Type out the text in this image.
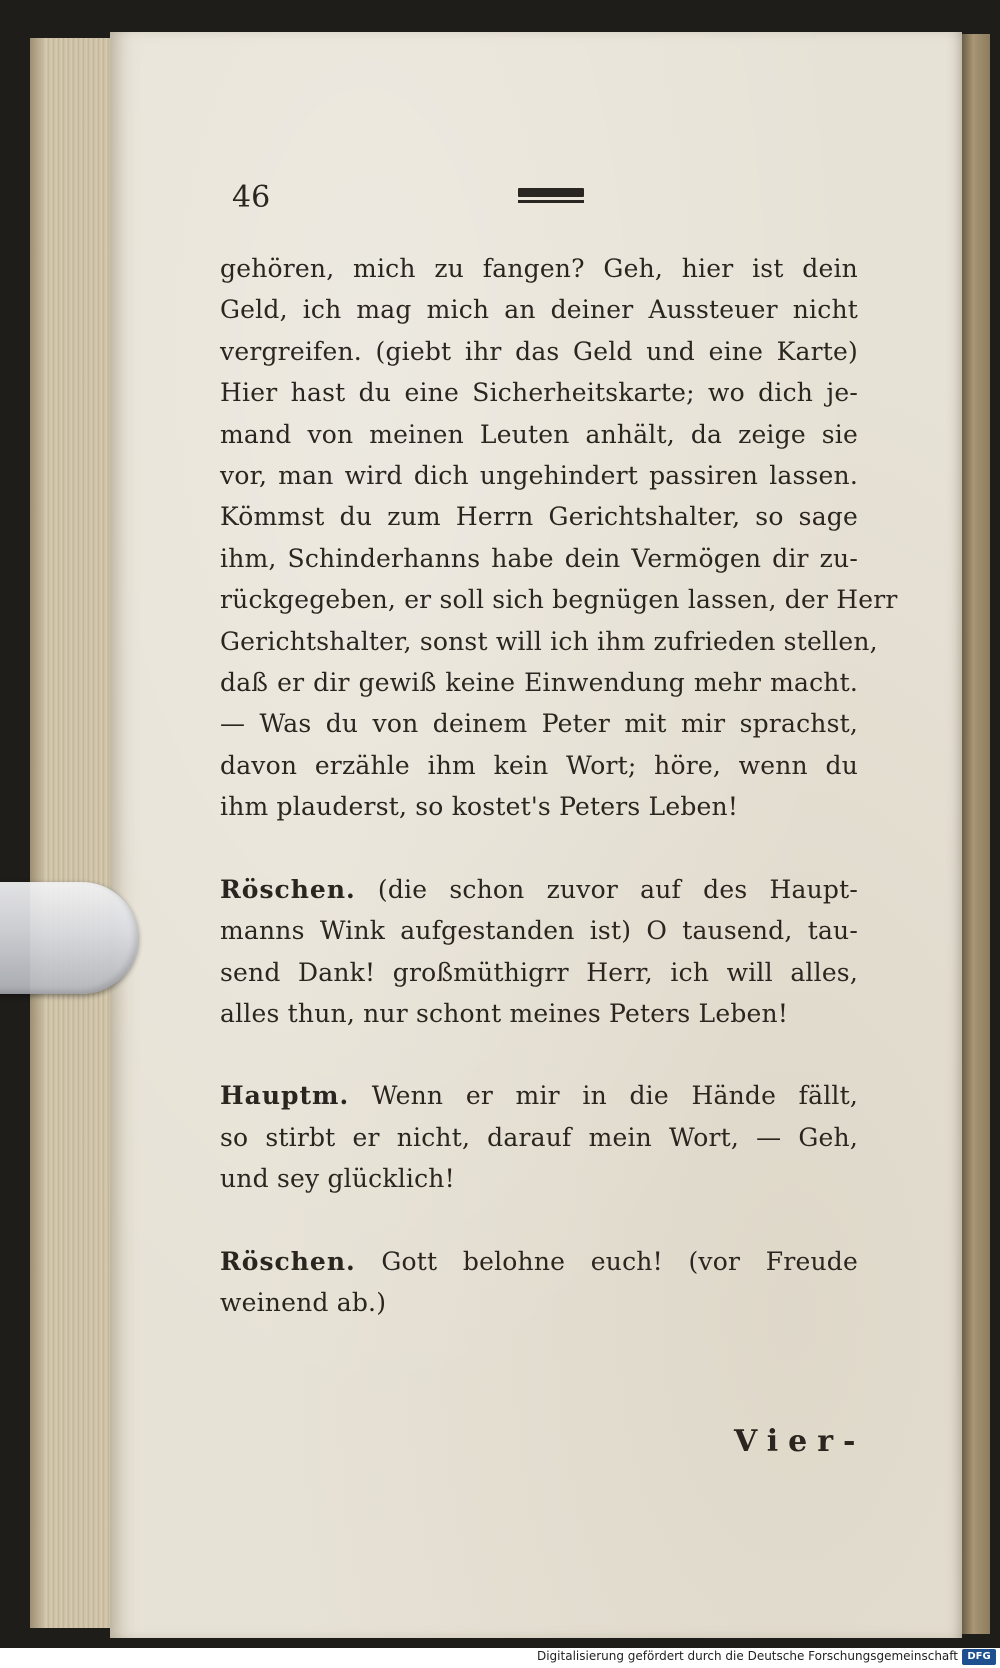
46
gehören, mich zu fangen? Geh, hier ist dein
Geld, ich mag mich an deiner Aussteuer nicht
vergreifen. (giebt ihr das Geld und eine Karte)
Hier hast du eine Sicherheitskarte; wo dich je-
mand von meinen Leuten anhält, da zeige sie
vor, man wird dich ungehindert passiren lassen.
Kömmst du zum Herrn Gerichtshalter, so sage
ihm, Schinderhanns habe dein Vermögen dir zu-
rückgegeben, er soll sich begnügen lassen, der Herr
Gerichtshalter, sonst will ich ihm zufrieden stellen,
daß er dir gewiß keine Einwendung mehr macht.
— Was du von deinem Peter mit mir sprachst,
davon erzähle ihm kein Wort; höre, wenn du
ihm plauderst, so kostet's Peters Leben!
Röschen. (die schon zuvor auf des Haupt-
manns Wink aufgestanden ist) O tausend, tau-
send Dank! großmüthigrr Herr, ich will alles,
alles thun, nur schont meines Peters Leben!
Hauptm. Wenn er mir in die Hände fällt,
so stirbt er nicht, darauf mein Wort, — Geh,
und sey glücklich!
Röschen. Gott belohne euch! (vor Freude
weinend ab.)
Vier-
Digitalisierung gefördert durch die Deutsche Forschungsgemeinschaft DFG
